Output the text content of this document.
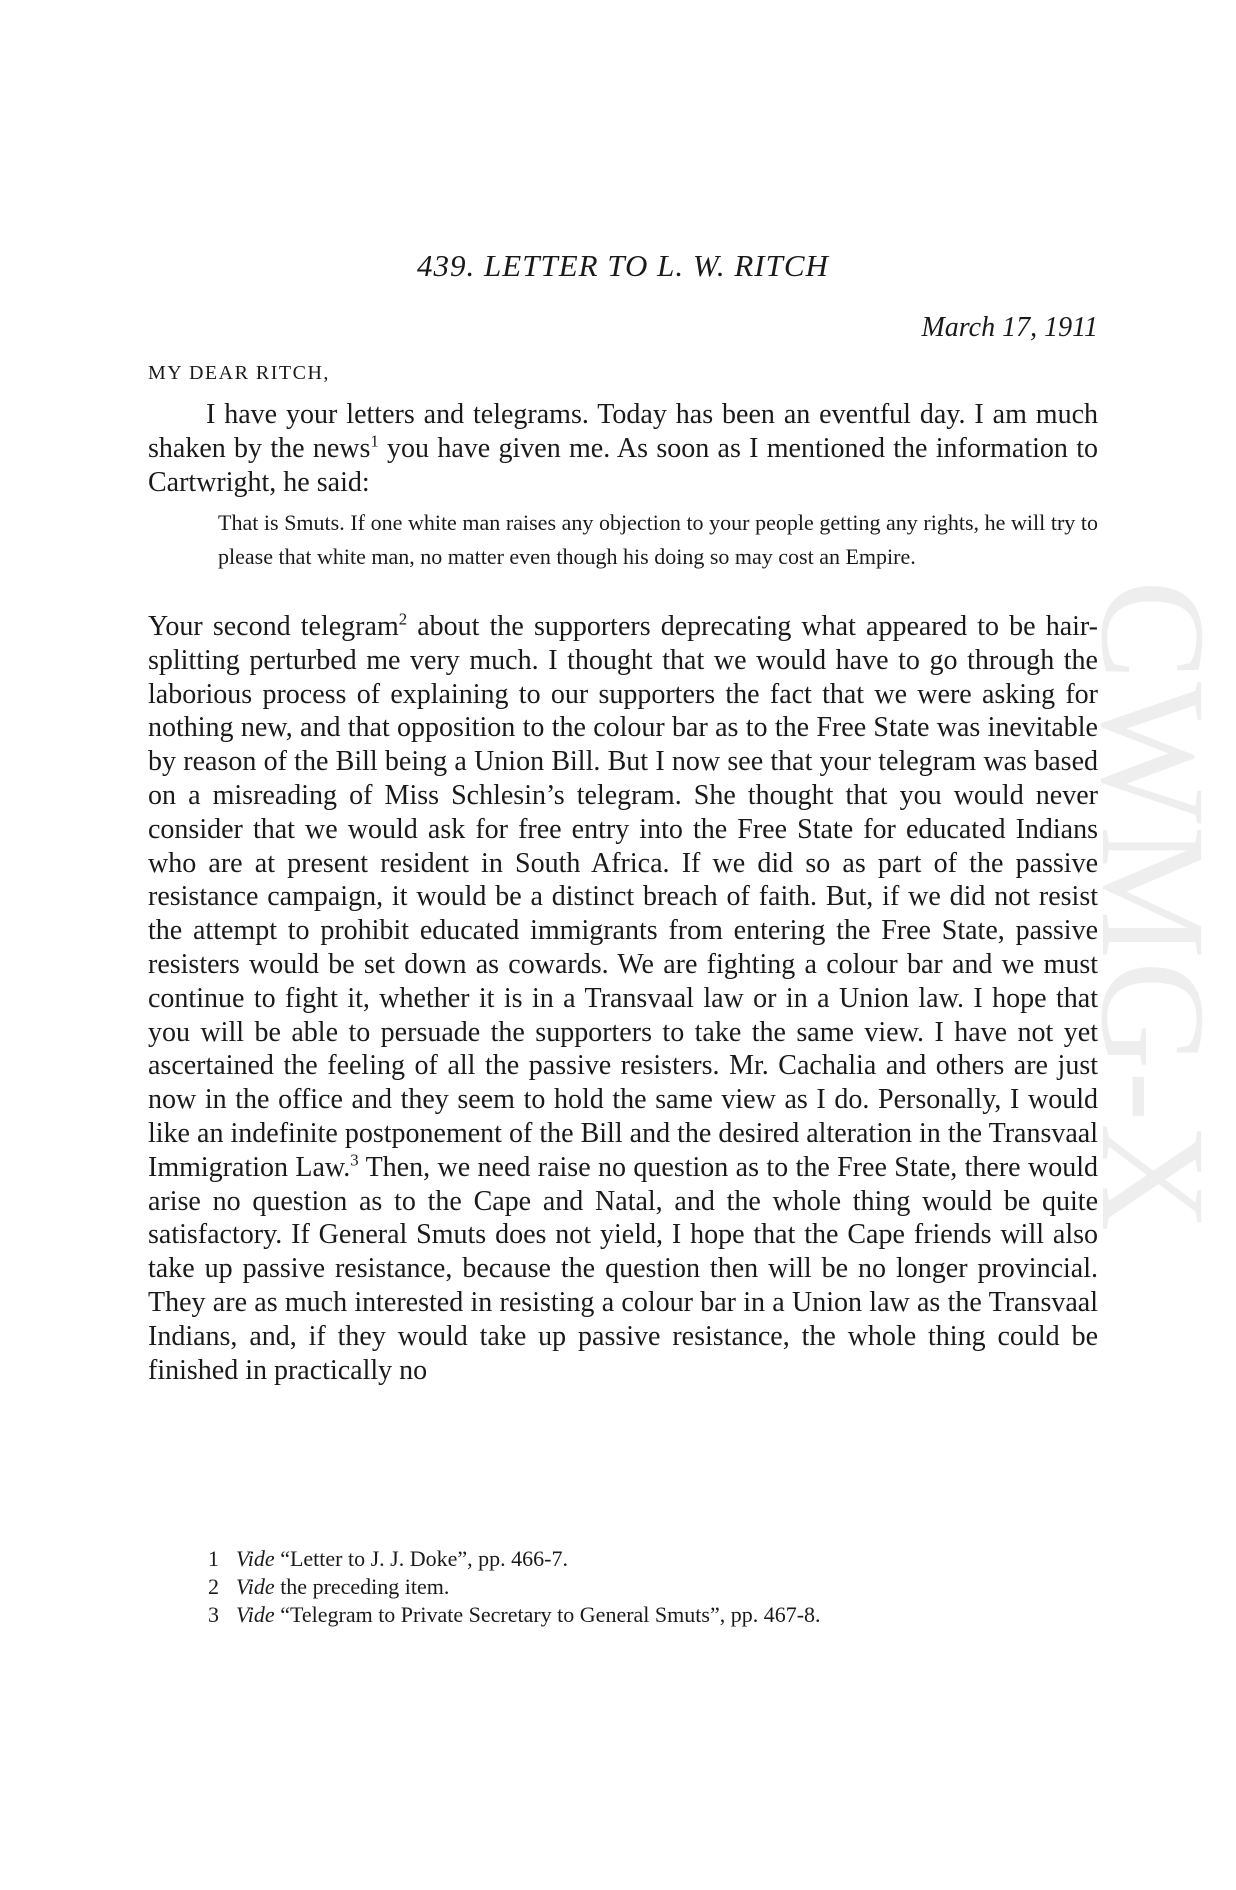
CWMG-X
439. LETTER TO L. W. RITCH
March 17, 1911
MY DEAR RITCH,
I have your letters and telegrams. Today has been an eventful day. I am much shaken by the news$^1$ you have given me. As soon as I mentioned the information to Cartwright, he said:
That is Smuts. If one white man raises any objection to your people getting any rights, he will try to please that white man, no matter even though his doing so may cost an Empire.
Your second telegram$^2$ about the supporters deprecating what appeared to be hair-splitting perturbed me very much. I thought that we would have to go through the laborious process of explaining to our supporters the fact that we were asking for nothing new, and that opposition to the colour bar as to the Free State was inevitable by reason of the Bill being a Union Bill. But I now see that your telegram was based on a misreading of Miss Schlesin’s telegram. She thought that you would never consider that we would ask for free entry into the Free State for educated Indians who are at present resident in South Africa. If we did so as part of the passive resistance campaign, it would be a distinct breach of faith. But, if we did not resist the attempt to prohibit educated immigrants from entering the Free State, passive resisters would be set down as cowards. We are fighting a colour bar and we must continue to fight it, whether it is in a Transvaal law or in a Union law. I hope that you will be able to persuade the supporters to take the same view. I have not yet ascertained the feeling of all the passive resisters. Mr. Cachalia and others are just now in the office and they seem to hold the same view as I do. Personally, I would like an indefinite postponement of the Bill and the desired alteration in the Transvaal Immigration Law.$^3$ Then, we need raise no question as to the Free State, there would arise no question as to the Cape and Natal, and the whole thing would be quite satisfactory. If General Smuts does not yield, I hope that the Cape friends will also take up passive resistance, because the question then will be no longer provincial. They are as much interested in resisting a colour bar in a Union law as the Transvaal Indians, and, if they would take up passive resistance, the whole thing could be finished in practically no
1 Vide “Letter to J. J. Doke”, pp. 466-7.
2 Vide the preceding item.
3 Vide “Telegram to Private Secretary to General Smuts”, pp. 467-8.
